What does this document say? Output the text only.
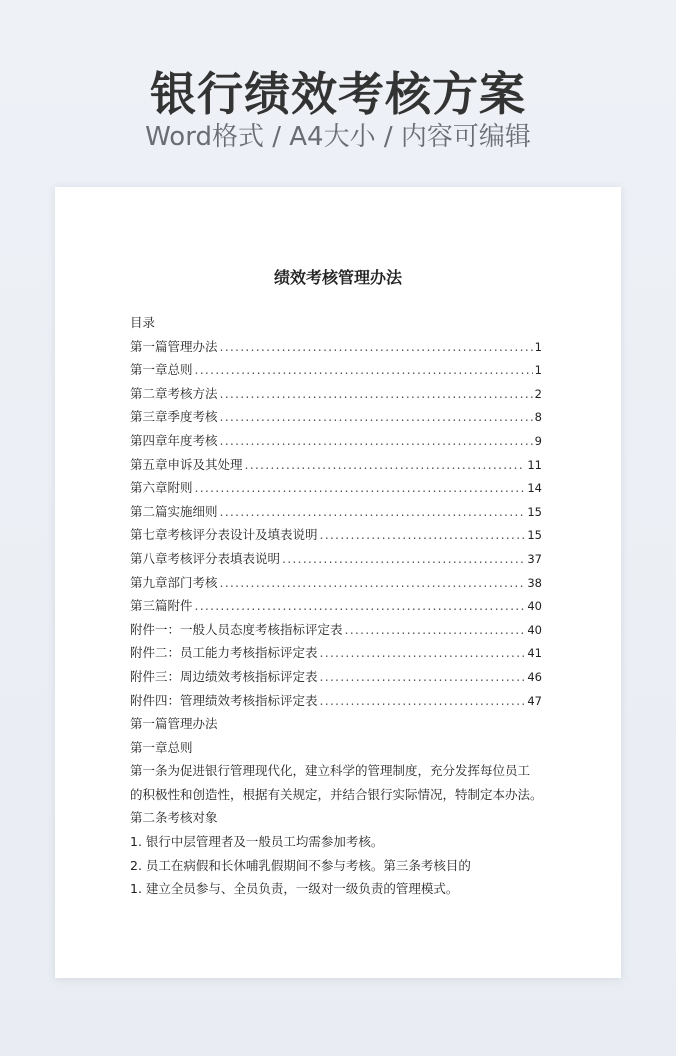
银行绩效考核方案
Word格式 / A4大小 / 内容可编辑
绩效考核管理办法
目录
第一篇管理办法 .....	1
第一章总则 .....	1
第二章考核方法 .....	2
第三章季度考核 .....	8
第四章年度考核 .....	9
第五章申诉及其处理 .....	11
第六章附则 .....	14
第二篇实施细则 .....	15
第七章考核评分表设计及填表说明 .....	15
第八章考核评分表填表说明 .....	37
第九章部门考核 .....	38
第三篇附件 .....	40
附件一：一般人员态度考核指标评定表 .....	40
附件二：员工能力考核指标评定表 .....	41
附件三：周边绩效考核指标评定表 .....	46
附件四：管理绩效考核指标评定表 .....	47
第一篇管理办法
第一章总则
第一条为促进银行管理现代化，建立科学的管理制度，充分发挥每位员工
的积极性和创造性，根据有关规定，并结合银行实际情况，特制定本办法。
第二条考核对象
1. 银行中层管理者及一般员工均需参加考核。
2. 员工在病假和长休哺乳假期间不参与考核。第三条考核目的
1. 建立全员参与、全员负责，一级对一级负责的管理模式。
